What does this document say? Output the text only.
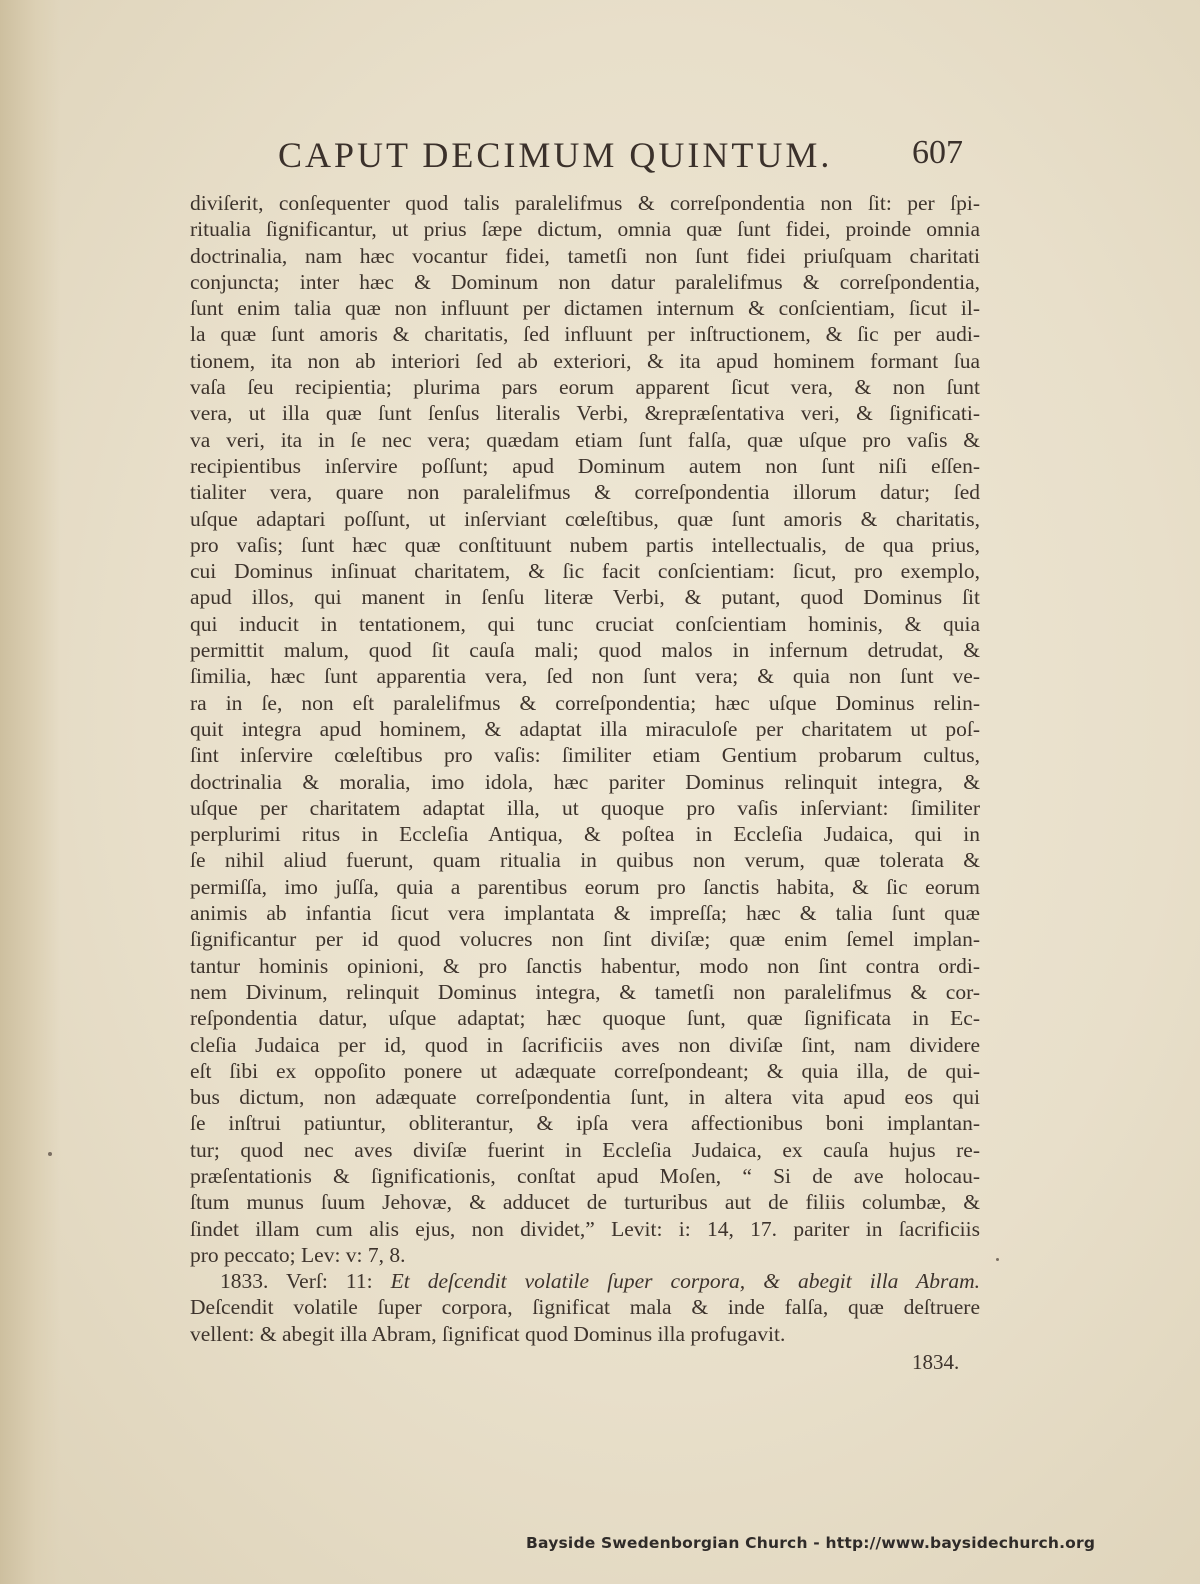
CAPUT DECIMUM QUINTUM. 607
diviſerit, conſequenter quod talis paralelifmus & correſpondentia non ſit: per ſpi-
ritualia ſignificantur, ut prius ſæpe dictum, omnia quæ ſunt fidei, proinde omnia
doctrinalia, nam hæc vocantur fidei, tametſi non ſunt fidei priuſquam charitati
conjuncta; inter hæc & Dominum non datur paralelifmus & correſpondentia,
ſunt enim talia quæ non influunt per dictamen internum & conſcientiam, ſicut il-
la quæ ſunt amoris & charitatis, ſed influunt per inſtructionem, & ſic per audi-
tionem, ita non ab interiori ſed ab exteriori, & ita apud hominem formant ſua
vaſa ſeu recipientia; plurima pars eorum apparent ſicut vera, & non ſunt
vera, ut illa quæ ſunt ſenſus literalis Verbi, &repræſentativa veri, & ſignificati-
va veri, ita in ſe nec vera; quædam etiam ſunt falſa, quæ uſque pro vaſis &
recipientibus inſervire poſſunt; apud Dominum autem non ſunt niſi eſſen-
tialiter vera, quare non paralelifmus & correſpondentia illorum datur; ſed
uſque adaptari poſſunt, ut inſerviant cœleſtibus, quæ ſunt amoris & charitatis,
pro vaſis; ſunt hæc quæ conſtituunt nubem partis intellectualis, de qua prius,
cui Dominus inſinuat charitatem, & ſic facit conſcientiam: ſicut, pro exemplo,
apud illos, qui manent in ſenſu literæ Verbi, & putant, quod Dominus ſit
qui inducit in tentationem, qui tunc cruciat conſcientiam hominis, & quia
permittit malum, quod ſit cauſa mali; quod malos in infernum detrudat, &
ſimilia, hæc ſunt apparentia vera, ſed non ſunt vera; & quia non ſunt ve-
ra in ſe, non eſt paralelifmus & correſpondentia; hæc uſque Dominus relin-
quit integra apud hominem, & adaptat illa miraculoſe per charitatem ut poſ-
ſint inſervire cœleſtibus pro vaſis: ſimiliter etiam Gentium probarum cultus,
doctrinalia & moralia, imo idola, hæc pariter Dominus relinquit integra, &
uſque per charitatem adaptat illa, ut quoque pro vaſis inſerviant: ſimiliter
perplurimi ritus in Eccleſia Antiqua, & poſtea in Eccleſia Judaica, qui in
ſe nihil aliud fuerunt, quam ritualia in quibus non verum, quæ tolerata &
permiſſa, imo juſſa, quia a parentibus eorum pro ſanctis habita, & ſic eorum
animis ab infantia ſicut vera implantata & impreſſa; hæc & talia ſunt quæ
ſignificantur per id quod volucres non ſint diviſæ; quæ enim ſemel implan-
tantur hominis opinioni, & pro ſanctis habentur, modo non ſint contra ordi-
nem Divinum, relinquit Dominus integra, & tametſi non paralelifmus & cor-
reſpondentia datur, uſque adaptat; hæc quoque ſunt, quæ ſignificata in Ec-
cleſia Judaica per id, quod in ſacrificiis aves non diviſæ ſint, nam dividere
eſt ſibi ex oppoſito ponere ut adæquate correſpondeant; & quia illa, de qui-
bus dictum, non adæquate correſpondentia ſunt, in altera vita apud eos qui
ſe inſtrui patiuntur, obliterantur, & ipſa vera affectionibus boni implantan-
tur; quod nec aves diviſæ fuerint in Eccleſia Judaica, ex cauſa hujus re-
præſentationis & ſignificationis, conſtat apud Moſen, “ Si de ave holocau-
ſtum munus ſuum Jehovæ, & adducet de turturibus aut de filiis columbæ, &
ſindet illam cum alis ejus, non dividet,” Levit: i: 14, 17. pariter in ſacrificiis
pro peccato; Lev: v: 7, 8.
1833. Verſ: 11: Et deſcendit volatile ſuper corpora, & abegit illa Abram.
Deſcendit volatile ſuper corpora, ſignificat mala & inde falſa, quæ deſtruere
vellent: & abegit illa Abram, ſignificat quod Dominus illa profugavit.
1834.
Bayside Swedenborgian Church - http://www.baysidechurch.org
